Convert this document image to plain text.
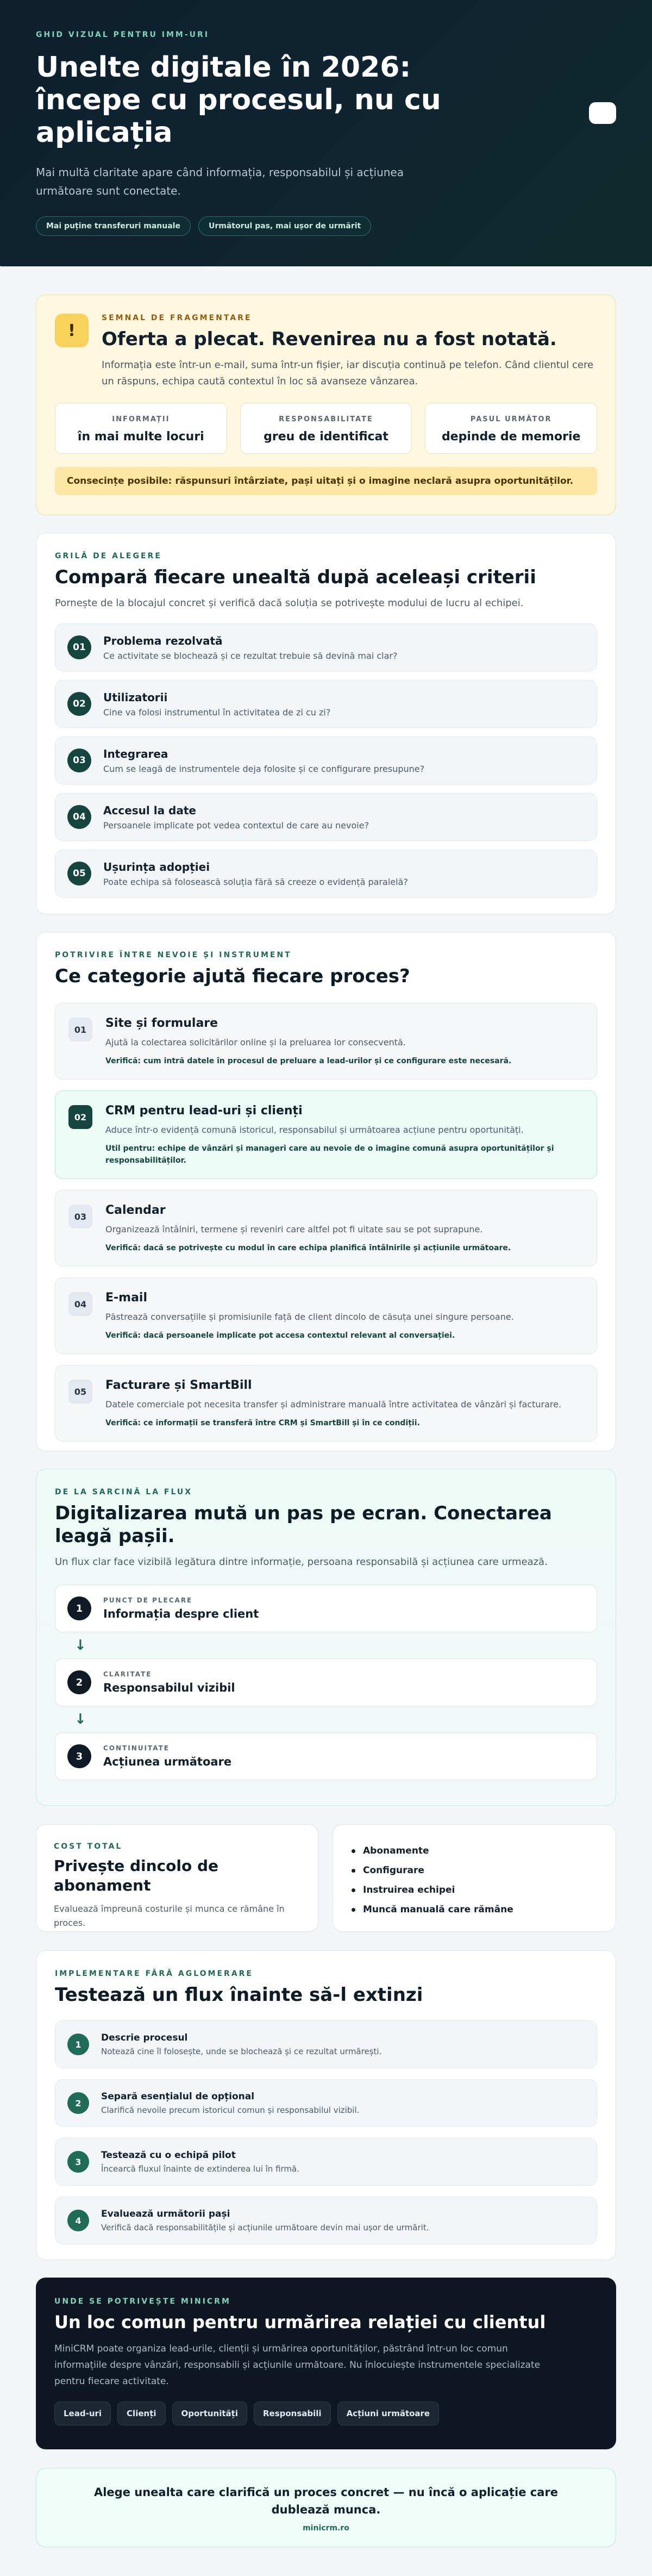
GHID VIZUAL PENTRU IMM-URI
Unelte digitale în 2026: începe cu procesul, nu cu aplicația

Mai multă claritate apare când informația, responsabilul și acțiunea următoare sunt conectate.

Mai puține transferuri manuale	Următorul pas, mai ușor de urmărit
!
SEMNAL DE FRAGMENTARE
Oferta a plecat. Revenirea nu a fost notată.

Informația este într-un e-mail, suma într-un fișier, iar discuția continuă pe telefon. Când clientul cere un răspuns, echipa caută contextul în loc să avanseze vânzarea.

INFORMAȚII
în mai multe locuri
RESPONSABILITATE
greu de identificat
PASUL URMĂTOR
depinde de memorie
Consecințe posibile: răspunsuri întârziate, pași uitați și o imagine neclară asupra oportunităților.
GRILĂ DE ALEGERE
Compară fiecare unealtă după aceleași criterii

Pornește de la blocajul concret și verifică dacă soluția se potrivește modului de lucru al echipei.

01
Problema rezolvată
Ce activitate se blochează și ce rezultat trebuie să devină mai clar?
02
Utilizatorii
Cine va folosi instrumentul în activitatea de zi cu zi?
03
Integrarea
Cum se leagă de instrumentele deja folosite și ce configurare presupune?
04
Accesul la date
Persoanele implicate pot vedea contextul de care au nevoie?
05
Ușurința adopției
Poate echipa să folosească soluția fără să creeze o evidență paralelă?
POTRIVIRE ÎNTRE NEVOIE ȘI INSTRUMENT
Ce categorie ajută fiecare proces?
01	Site și formulare
Ajută la colectarea solicitărilor online și la preluarea lor consecventă.
Verifică: cum intră datele în procesul de preluare a lead-urilor și ce configurare este necesară.
02	CRM pentru lead-uri și clienți
Aduce într-o evidență comună istoricul, responsabilul și următoarea acțiune pentru oportunități.
Util pentru: echipe de vânzări și manageri care au nevoie de o imagine comună asupra oportunităților și responsabilităților.
03	Calendar
Organizează întâlniri, termene și reveniri care altfel pot fi uitate sau se pot suprapune.
Verifică: dacă se potrivește cu modul în care echipa planifică întâlnirile și acțiunile următoare.
04	E-mail
Păstrează conversațiile și promisiunile față de client dincolo de căsuța unei singure persoane.
Verifică: dacă persoanele implicate pot accesa contextul relevant al conversației.
05	Facturare și SmartBill
Datele comerciale pot necesita transfer și administrare manuală între activitatea de vânzări și facturare.
Verifică: ce informații se transferă între CRM și SmartBill și în ce condiții.
DE LA SARCINĂ LA FLUX
Digitalizarea mută un pas pe ecran. Conectarea leagă pașii.

Un flux clar face vizibilă legătura dintre informație, persoana responsabilă și acțiunea care urmează.

1
PUNCT DE PLECARE
Informația despre client
↓
2
CLARITATE
Responsabilul vizibil
↓
3
CONTINUITATE
Acțiunea următoare
COST TOTAL
Privește dincolo de abonament

Evaluează împreună costurile și munca ce rămâne în proces.

Abonamente
Configurare
Instruirea echipei
Muncă manuală care rămâne
IMPLEMENTARE FĂRĂ AGLOMERARE
Testează un flux înainte să-l extinzi
1
Descrie procesul
Notează cine îl folosește, unde se blochează și ce rezultat urmărești.
2
Separă esențialul de opțional
Clarifică nevoile precum istoricul comun și responsabilul vizibil.
3
Testează cu o echipă pilot
Încearcă fluxul înainte de extinderea lui în firmă.
4
Evaluează următorii pași
Verifică dacă responsabilitățile și acțiunile următoare devin mai ușor de urmărit.
UNDE SE POTRIVEȘTE MINICRM
Un loc comun pentru urmărirea relației cu clientul

MiniCRM poate organiza lead-urile, clienții și urmărirea oportunităților, păstrând într-un loc comun informațiile despre vânzări, responsabili și acțiunile următoare. Nu înlocuiește instrumentele specializate pentru fiecare activitate.

Lead-uri	Clienți	Oportunități	Responsabili	Acțiuni următoare
Alege unealta care clarifică un proces concret — nu încă o aplicație care dublează munca.
minicrm.ro
